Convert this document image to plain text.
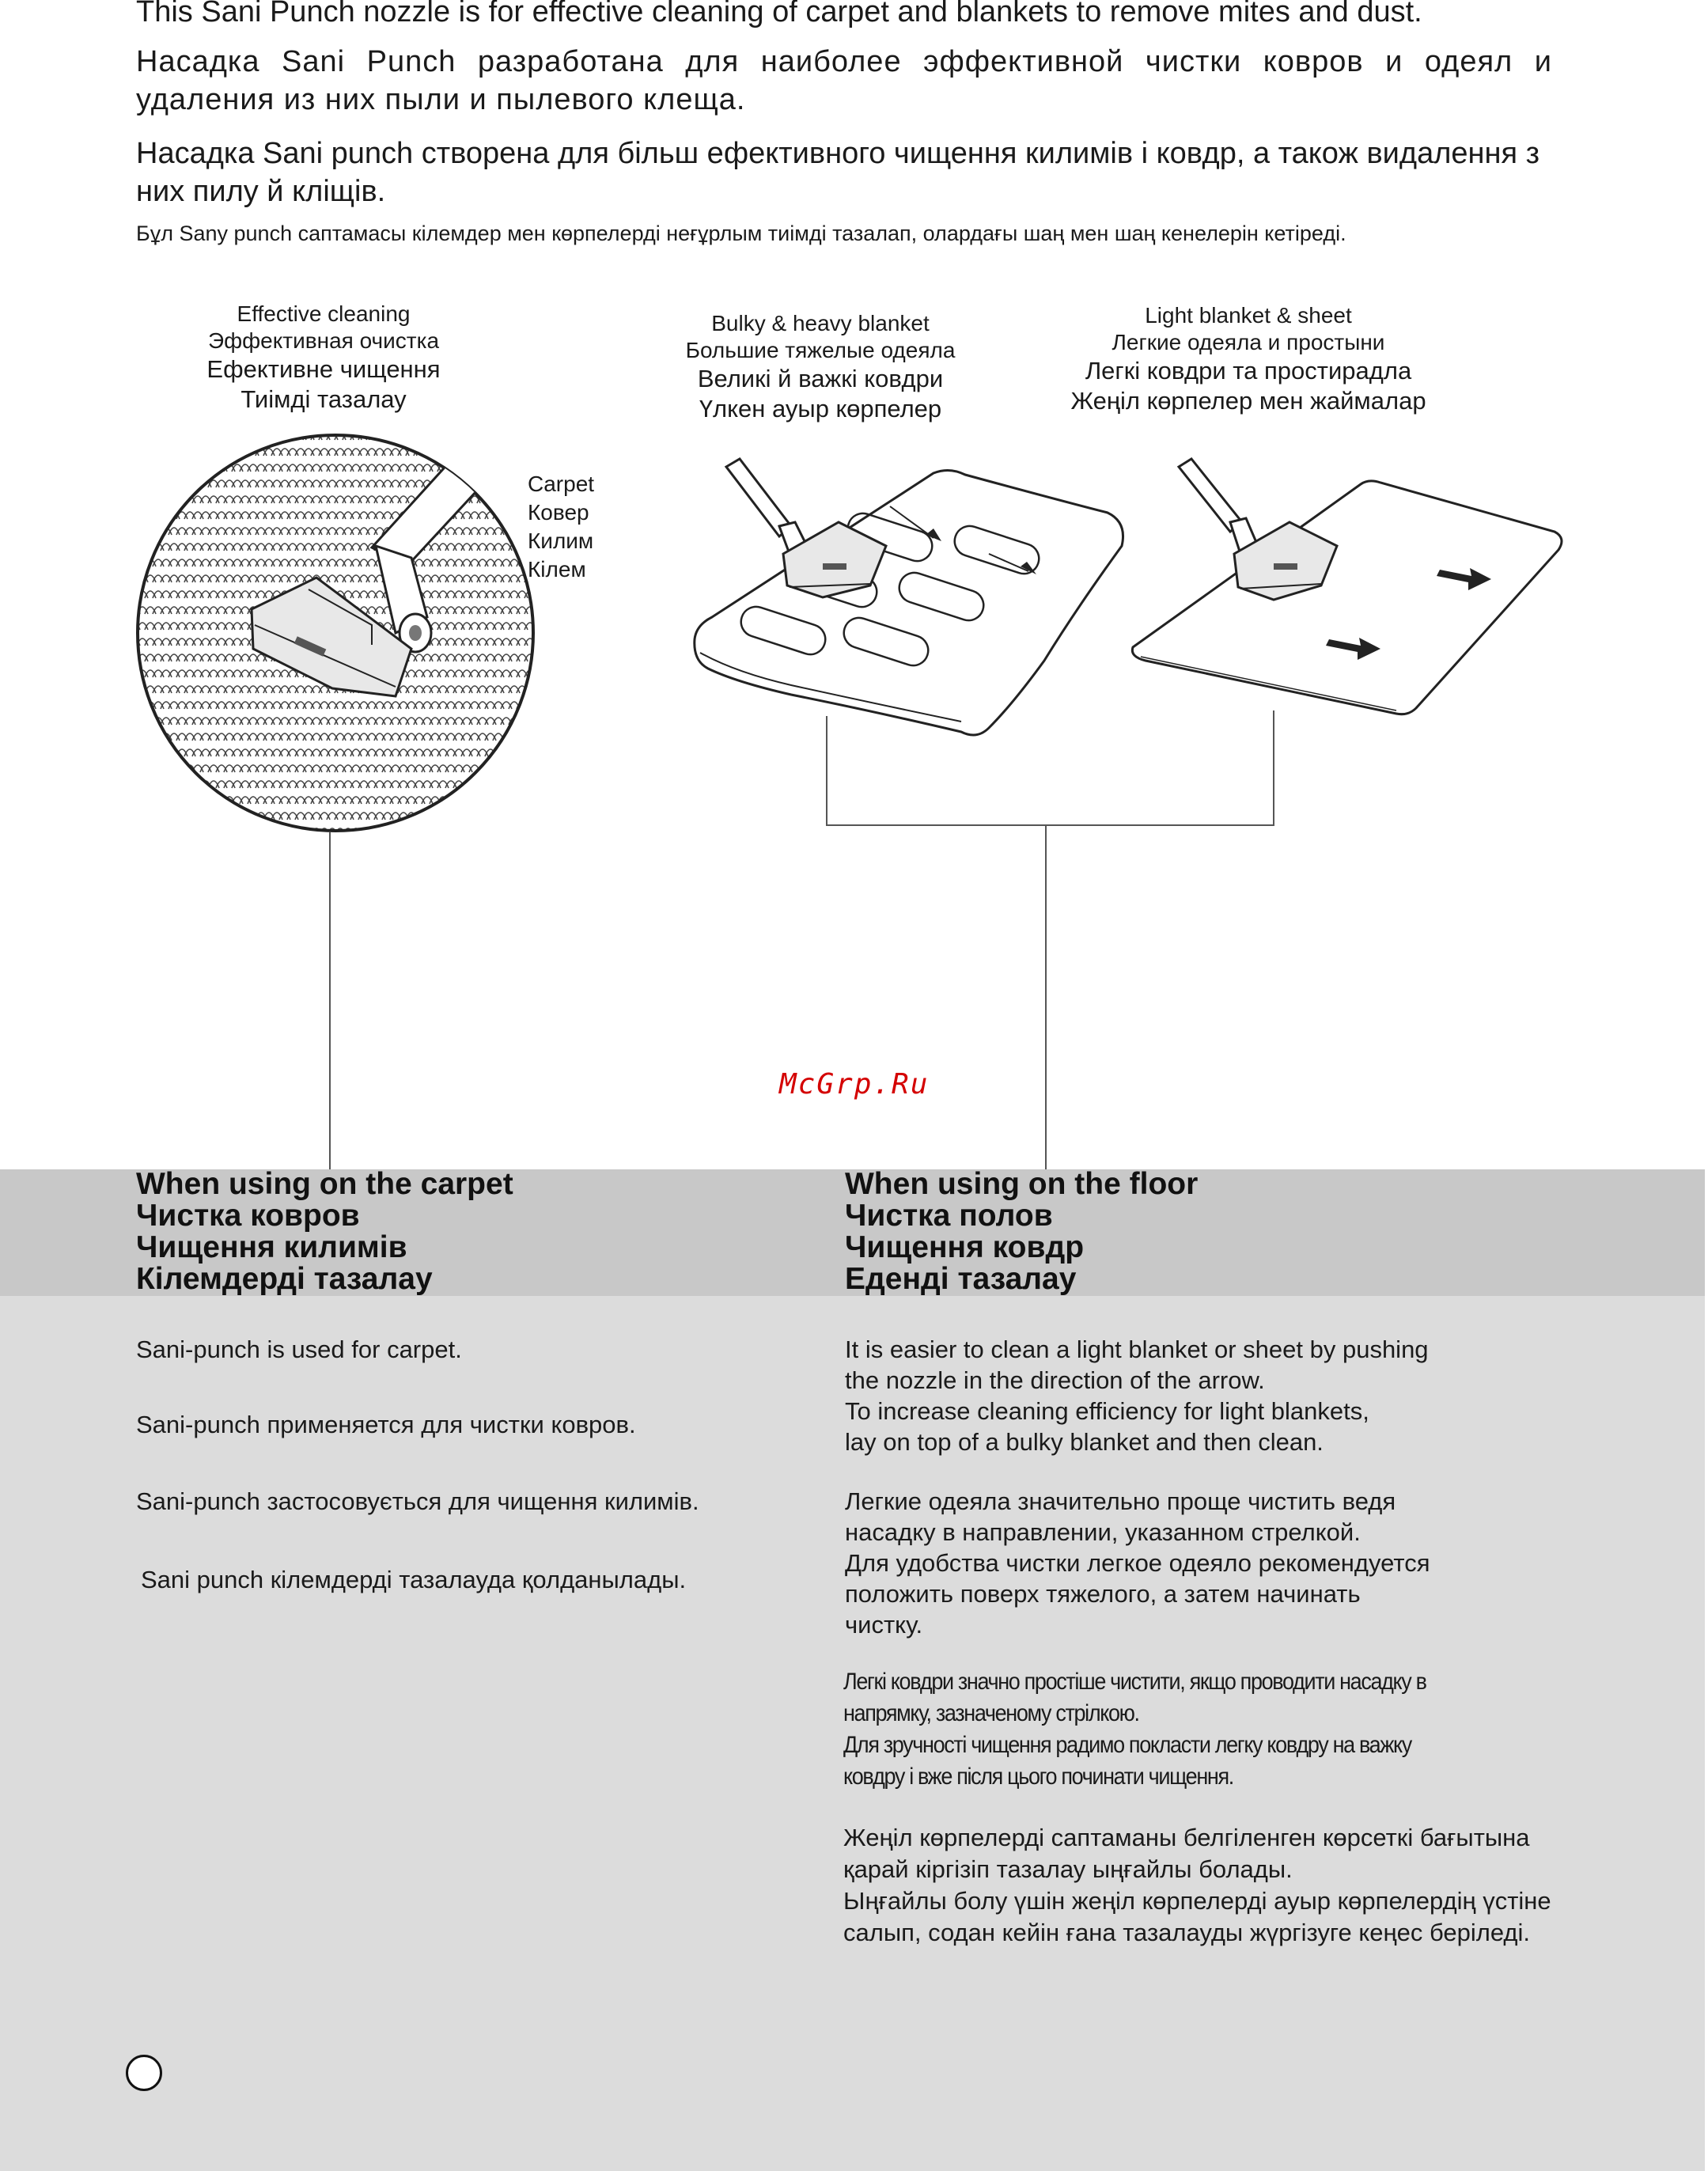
This Sani Punch nozzle is for effective cleaning of carpet and blankets to remove mites and dust.
Насадка Sani Punch разработана для наиболее эффективной чистки ковров и одеял и удаления из них пыли и пылевого клеща.
Насадка Sani punch створена для більш ефективного чищення килимів і ковдр, а також видалення з них пилу й кліщів.
Бұл Sany punch саптамасы кілемдер мен көрпелерді неғұрлым тиімді тазалап, олардағы шаң мен шаң кенелерін кетіреді.
Effective cleaning
Эффективная очистка
Ефективне чищення
Тиімді тазалау
Carpet
Ковер
Килим
Кілем
Bulky & heavy blanket
Большие тяжелые одеяла
Великі й важкі ковдри
Үлкен ауыр көрпелер
Light blanket & sheet
Легкие одеяла и простыни
Легкі ковдри та простирадла
Жеңіл көрпелер мен жаймалар
McGrp.Ru
When using on the carpet
Чистка ковров
Чищення килимів
Кілемдерді тазалау
When using on the floor
Чистка полов
Чищення ковдр
Еденді тазалау
Sani-punch is used for carpet.
Sani-punch применяется для чистки ковров.
Sani-punch застосовується для чищення килимів.
Sani punch кілемдерді тазалауда қолданылады.
It is easier to clean a light blanket or sheet by pushing
the nozzle in the direction of the arrow.
To increase cleaning efficiency for light blankets,
lay on top of a bulky blanket and then clean.
Легкие одеяла значительно проще чистить ведя
насадку в направлении, указанном стрелкой.
Для удобства чистки легкое одеяло рекомендуется
положить поверх тяжелого, а затем начинать
чистку.
Легкі ковдри значно простіше чистити, якщо проводити насадку в
напрямку, зазначеному стрілкою.
Для зручності чищення радимо покласти легку ковдру на важку
ковдру і вже після цього починати чищення.
Жеңіл көрпелерді саптаманы белгіленген көрсеткі бағытына
қарай кіргізіп тазалау ыңғайлы болады.
Ыңғайлы болу үшін жеңіл көрпелерді ауыр көрпелердің үстіне
салып, содан кейін ғана тазалауды жүргізуге кеңес беріледі.
